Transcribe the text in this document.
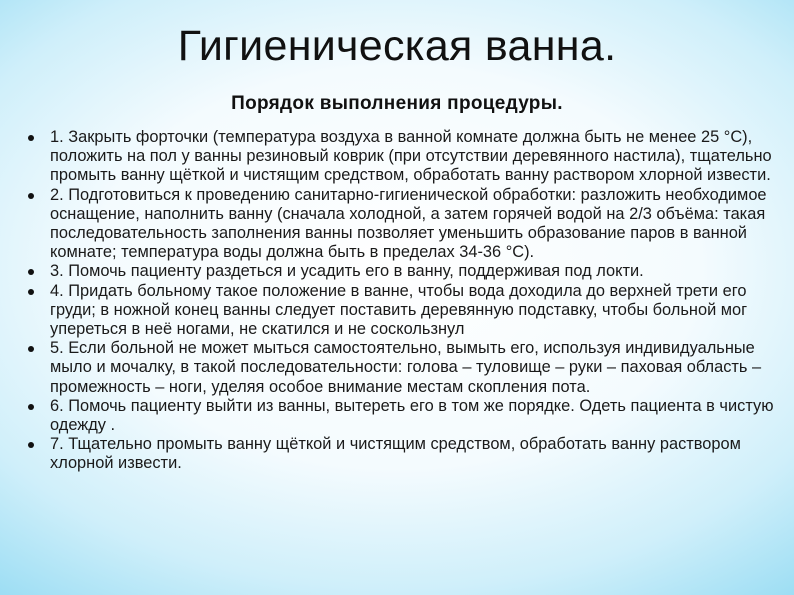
Гигиеническая ванна.
Порядок выполнения процедуры.
1. Закрыть форточки (температура воздуха в ванной комнате должна быть не менее 25 °С), положить на пол у ванны резиновый коврик (при отсутствии деревянного настила), тщательно промыть ванну щёткой и чистящим средством, обработать ванну раствором хлорной извести.
2. Подготовиться к проведению санитарно-гигиенической обработки: разложить необходимое оснащение, наполнить ванну (сначала холодной, а затем горячей водой на 2/3 объёма: такая последовательность заполнения ванны позволяет уменьшить образование паров в ванной комнате; температура воды должна быть в пределах 34-36 °С).
3. Помочь пациенту раздеться и усадить его в ванну, поддерживая под локти.
4. Придать больному такое положение в ванне, чтобы вода доходила до верхней трети его груди; в ножной конец ванны следует поставить деревянную подставку, чтобы больной мог упереться в неё ногами, не скатился и не соскользнул
5. Если больной не может мыться самостоятельно, вымыть его, используя индивидуальные мыло и мочалку, в такой последовательности: голова – туловище – руки – паховая область – промежность – ноги, уделяя особое внимание местам скопления пота.
6. Помочь пациенту выйти из ванны, вытереть его в том же порядке. Одеть пациента в чистую одежду .
7. Тщательно промыть ванну щёткой и чистящим средством, обработать ванну раствором хлорной извести.
